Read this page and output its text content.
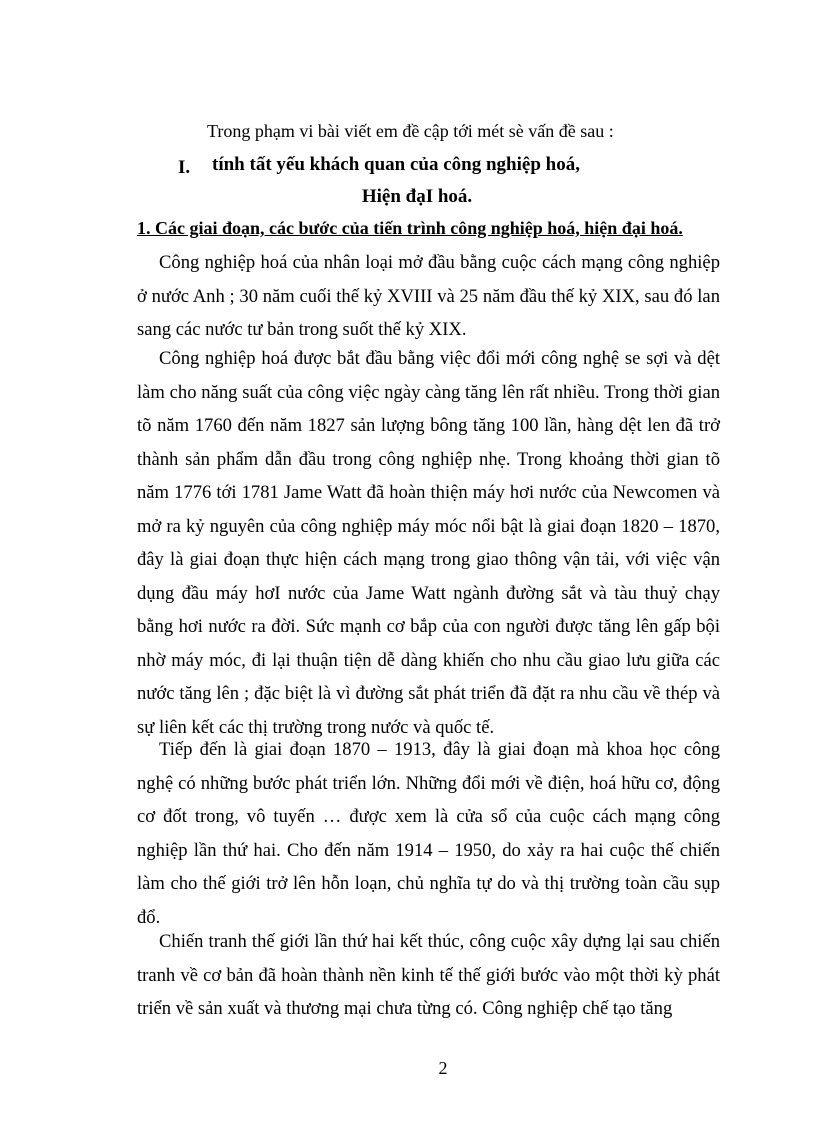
Trong phạm vi bài viết em đề cập tới mét sè vấn đề sau :
I. tính tất yếu khách quan của công nghiệp hoá,
Hiện đạI hoá.
1. Các giai đoạn, các bước của tiến trình công nghiệp hoá, hiện đại hoá.

Công nghiệp hoá của nhân loại mở đầu bằng cuộc cách mạng công nghiệp ở nước Anh ; 30 năm cuối thế kỷ XVIII và 25 năm đầu thế kỷ XIX, sau đó lan sang các nước tư bản trong suốt thế kỷ XIX.

Công nghiệp hoá được bắt đầu bằng việc đổi mới công nghệ se sợi và dệt làm cho năng suất của công việc ngày càng tăng lên rất nhiều. Trong thời gian tõ năm 1760 đến năm 1827 sản lượng bông tăng 100 lần, hàng dệt len đã trở thành sản phẩm dẫn đầu trong công nghiệp nhẹ. Trong khoảng thời gian tõ năm 1776 tới 1781 Jame Watt đã hoàn thiện máy hơi nước của Newcomen và mở ra kỷ nguyên của công nghiệp máy móc nổi bật là giai đoạn 1820 – 1870, đây là giai đoạn thực hiện cách mạng trong giao thông vận tải, với việc vận dụng đầu máy hơI nước của Jame Watt ngành đường sắt và tàu thuỷ chạy bằng hơi nước ra đời. Sức mạnh cơ bắp của con người được tăng lên gấp bội nhờ máy móc, đi lại thuận tiện dễ dàng khiến cho nhu cầu giao lưu giữa các nước tăng lên ; đặc biệt là vì đường sắt phát triển đã đặt ra nhu cầu về thép và sự liên kết các thị trường trong nước và quốc tế.

Tiếp đến là giai đoạn 1870 – 1913, đây là giai đoạn mà khoa học công nghệ có những bước phát triển lớn. Những đổi mới về điện, hoá hữu cơ, động cơ đốt trong, vô tuyến … được xem là cửa sổ của cuộc cách mạng công nghiệp lần thứ hai. Cho đến năm 1914 – 1950, do xảy ra hai cuộc thế chiến làm cho thế giới trở lên hỗn loạn, chủ nghĩa tự do và thị trường toàn cầu sụp đổ.

Chiến tranh thế giới lần thứ hai kết thúc, công cuộc xây dựng lại sau chiến tranh về cơ bản đã hoàn thành nền kinh tế thế giới bước vào một thời kỳ phát triển về sản xuất và thương mại chưa từng có. Công nghiệp chế tạo tăng

2
